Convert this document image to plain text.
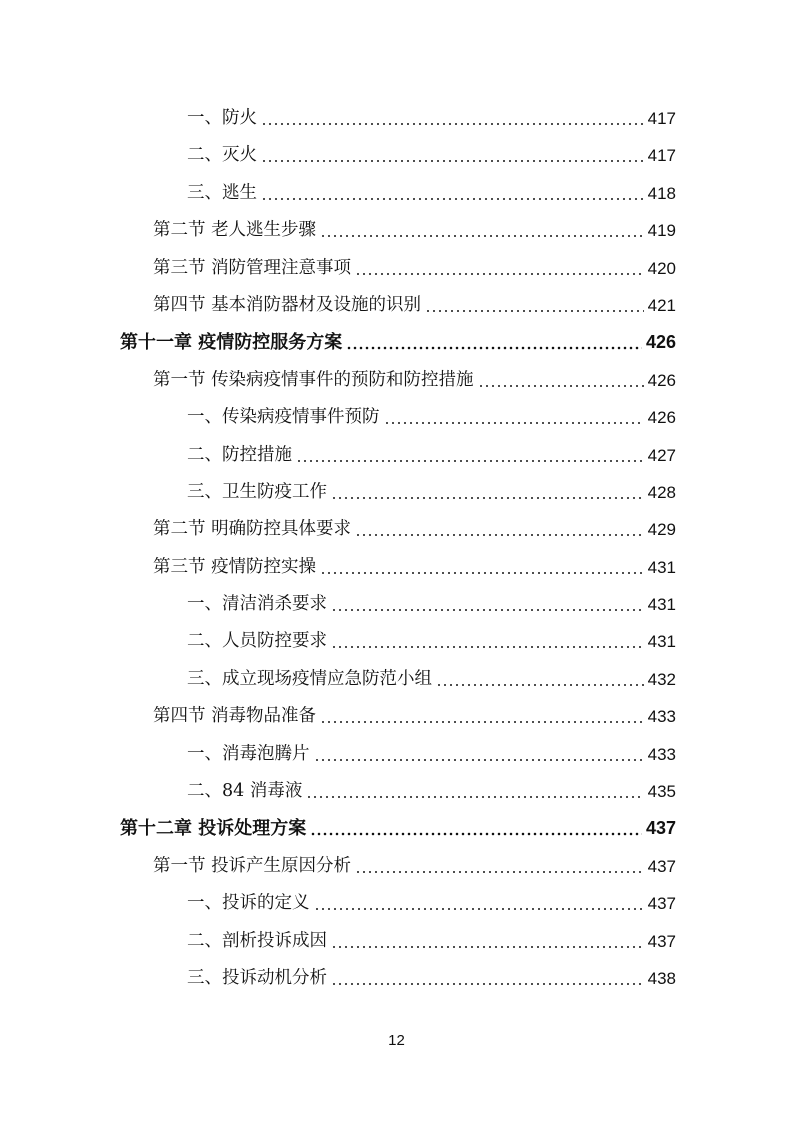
一、防火	417
二、灭火	417
三、逃生	418
第二节 老人逃生步骤	419
第三节 消防管理注意事项	420
第四节 基本消防器材及设施的识别	421
第十一章 疫情防控服务方案	426
第一节 传染病疫情事件的预防和防控措施	426
一、传染病疫情事件预防	426
二、防控措施	427
三、卫生防疫工作	428
第二节 明确防控具体要求	429
第三节 疫情防控实操	431
一、清洁消杀要求	431
二、人员防控要求	431
三、成立现场疫情应急防范小组	432
第四节 消毒物品准备	433
一、消毒泡腾片	433
二、84 消毒液	435
第十二章 投诉处理方案	437
第一节 投诉产生原因分析	437
一、投诉的定义	437
二、剖析投诉成因	437
三、投诉动机分析	438
12
